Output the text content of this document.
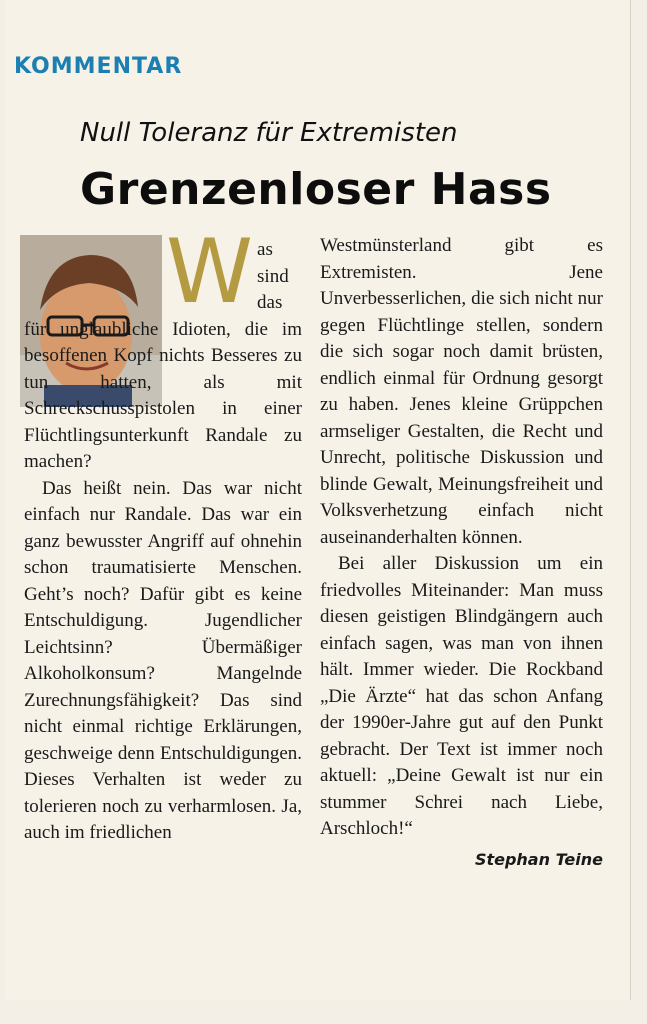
KOMMENTAR
Null Toleranz für Extremisten
Grenzenloser Hass

W as sind das für unglaubliche Idioten, die im besoffenen Kopf nichts Besseres zu tun hatten, als mit Schreckschusspistolen in einer Flüchtlingsunterkunft Randale zu machen?

Das heißt nein. Das war nicht einfach nur Randale. Das war ein ganz bewusster Angriff auf ohnehin schon traumatisierte Menschen. Geht’s noch? Dafür gibt es keine Entschuldigung. Jugendlicher Leichtsinn? Übermäßiger Alkoholkonsum? Mangelnde Zurechnungsfähigkeit? Das sind nicht einmal richtige Erklärungen, geschweige denn Entschuldigungen. Dieses Verhalten ist weder zu tolerieren noch zu verharmlosen. Ja, auch im friedlichen

Westmünsterland gibt es Extremisten. Jene Unverbesserlichen, die sich nicht nur gegen Flüchtlinge stellen, sondern die sich sogar noch damit brüsten, endlich einmal für Ordnung gesorgt zu haben. Jenes kleine Grüppchen armseliger Gestalten, die Recht und Unrecht, politische Diskussion und blinde Gewalt, Meinungsfreiheit und Volksverhetzung einfach nicht auseinanderhalten können.

Bei aller Diskussion um ein friedvolles Miteinander: Man muss diesen geistigen Blindgängern auch einfach sagen, was man von ihnen hält. Immer wieder. Die Rockband „Die Ärzte“ hat das schon Anfang der 1990er-Jahre gut auf den Punkt gebracht. Der Text ist immer noch aktuell: „Deine Gewalt ist nur ein stummer Schrei nach Liebe, Arschloch!“

Stephan Teine
